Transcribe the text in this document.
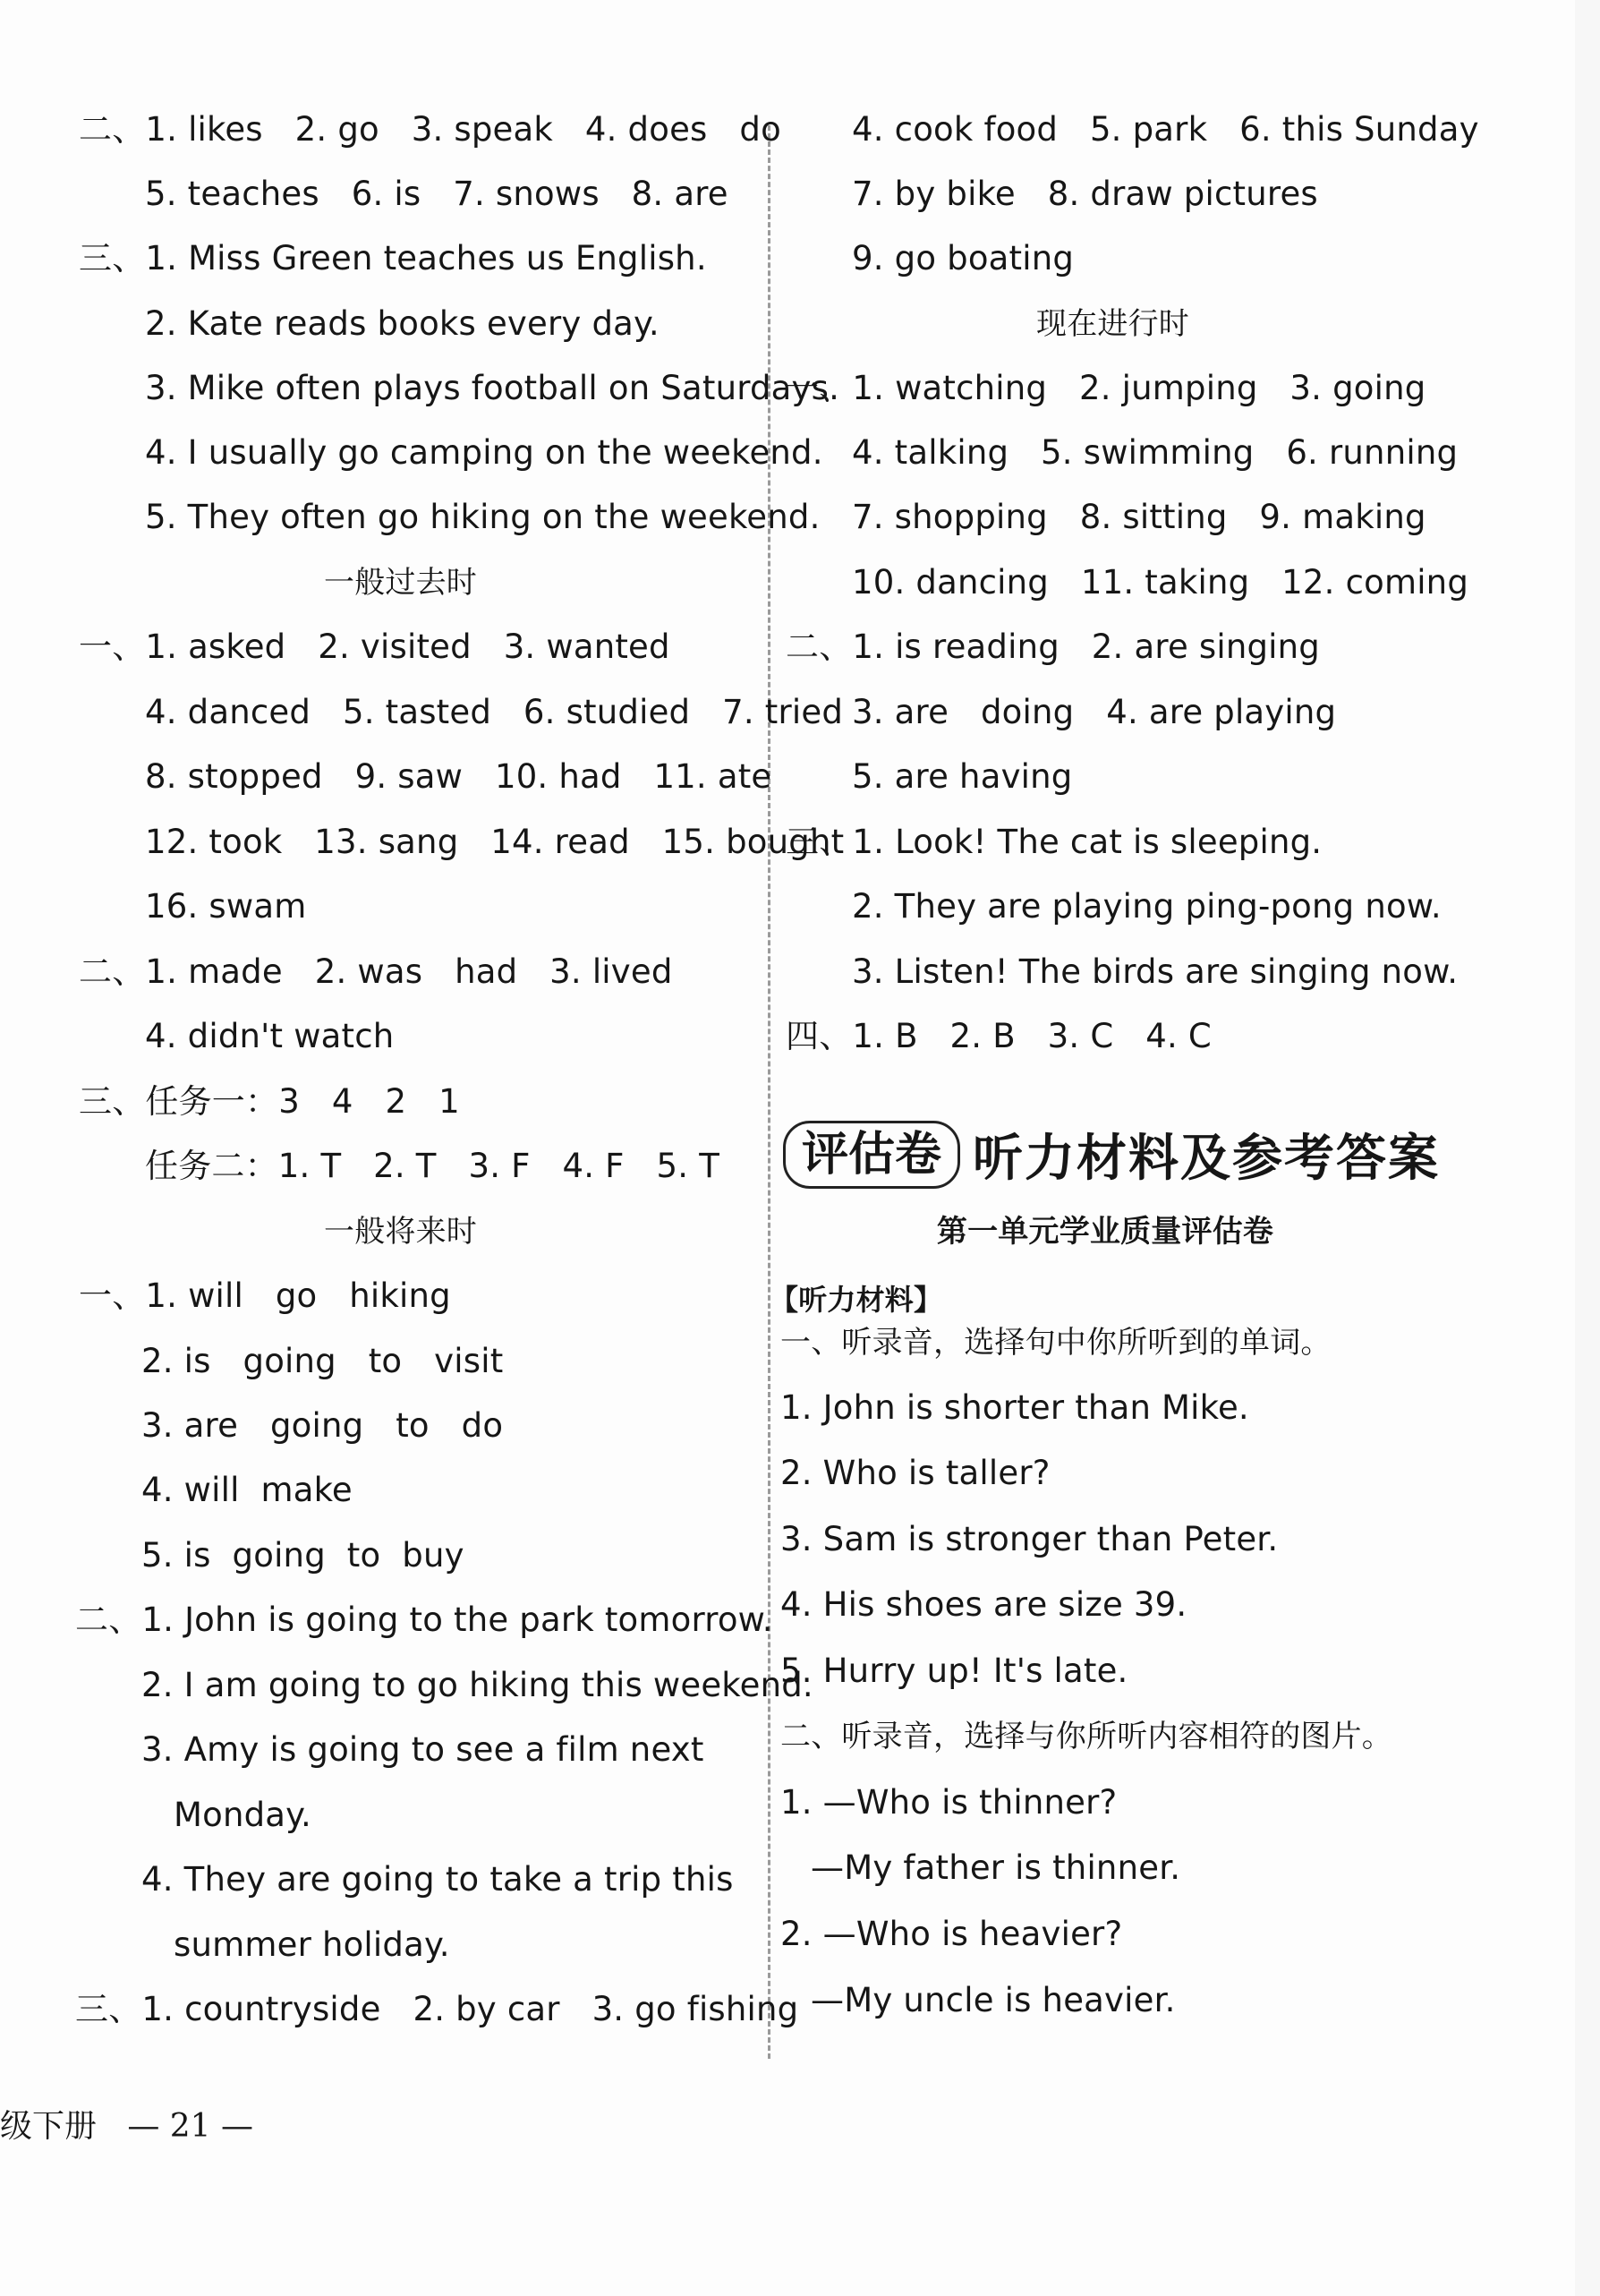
评估卷 听力材料及参考答案
第一单元学业质量评估卷
【听力材料】
级下册   — 21 —
二、1. likes   2. go   3. speak   4. does   do
5. teaches   6. is   7. snows   8. are
三、1. Miss Green teaches us English.
2. Kate reads books every day.
3. Mike often plays football on Saturdays.
4. I usually go camping on the weekend.
5. They often go hiking on the weekend.
一般过去时
一、1. asked   2. visited   3. wanted
4. danced   5. tasted   6. studied   7. tried
8. stopped   9. saw   10. had   11. ate
12. took   13. sang   14. read   15. bought
16. swam
二、1. made   2. was   had   3. lived
4. didn't watch
三、任务一：3   4   2   1
任务二：1. T   2. T   3. F   4. F   5. T
一般将来时
一、1. will   go   hiking
2. is   going   to   visit
3. are   going   to   do
4. will  make
5. is  going  to  buy
二、1. John is going to the park tomorrow.
2. I am going to go hiking this weekend.
3. Amy is going to see a film next
Monday.
4. They are going to take a trip this
summer holiday.
三、1. countryside   2. by car   3. go fishing
4. cook food   5. park   6. this Sunday
7. by bike   8. draw pictures
9. go boating
现在进行时
一、1. watching   2. jumping   3. going
4. talking   5. swimming   6. running
7. shopping   8. sitting   9. making
10. dancing   11. taking   12. coming
二、1. is reading   2. are singing
3. are   doing   4. are playing
5. are having
三、1. Look! The cat is sleeping.
2. They are playing ping-pong now.
3. Listen! The birds are singing now.
四、1. B   2. B   3. C   4. C
一、听录音，选择句中你所听到的单词。
1. John is shorter than Mike.
2. Who is taller?
3. Sam is stronger than Peter.
4. His shoes are size 39.
5. Hurry up! It's late.
二、听录音，选择与你所听内容相符的图片。
1. —Who is thinner?
—My father is thinner.
2. —Who is heavier?
—My uncle is heavier.
